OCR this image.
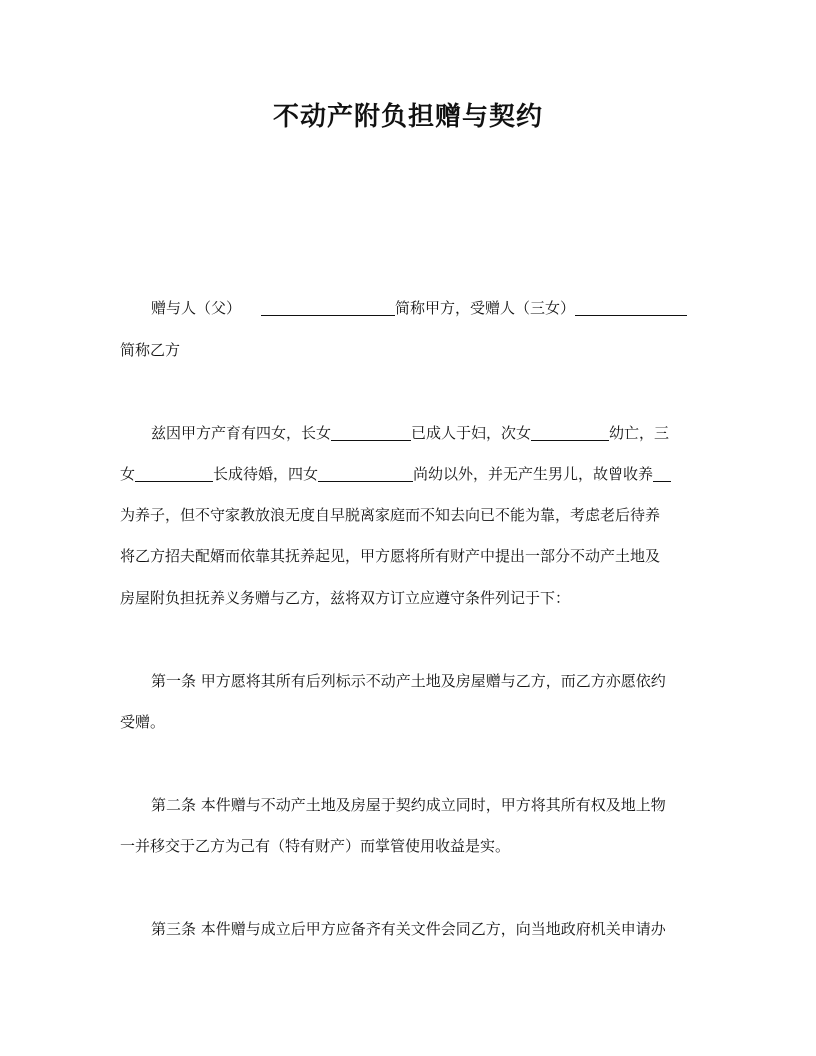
不动产附负担赠与契约
赠与人（父）	简称甲方，受赠人（三女）
简称乙方
兹因甲方产育有四女，长女	已成人于妇，次女	幼亡，三
女	长成待婚，四女	尚幼以外，并无产生男儿，故曾收养
为养子，但不守家教放浪无度自早脱离家庭而不知去向已不能为靠，考虑老后待养
将乙方招夫配婿而依靠其抚养起见，甲方愿将所有财产中提出一部分不动产土地及
房屋附负担抚养义务赠与乙方，兹将双方订立应遵守条件列记于下：
第一条 甲方愿将其所有后列标示不动产土地及房屋赠与乙方，而乙方亦愿依约
受赠。
第二条 本件赠与不动产土地及房屋于契约成立同时，甲方将其所有权及地上物
一并移交于乙方为己有（特有财产）而掌管使用收益是实。
第三条 本件赠与成立后甲方应备齐有关文件会同乙方，向当地政府机关申请办
